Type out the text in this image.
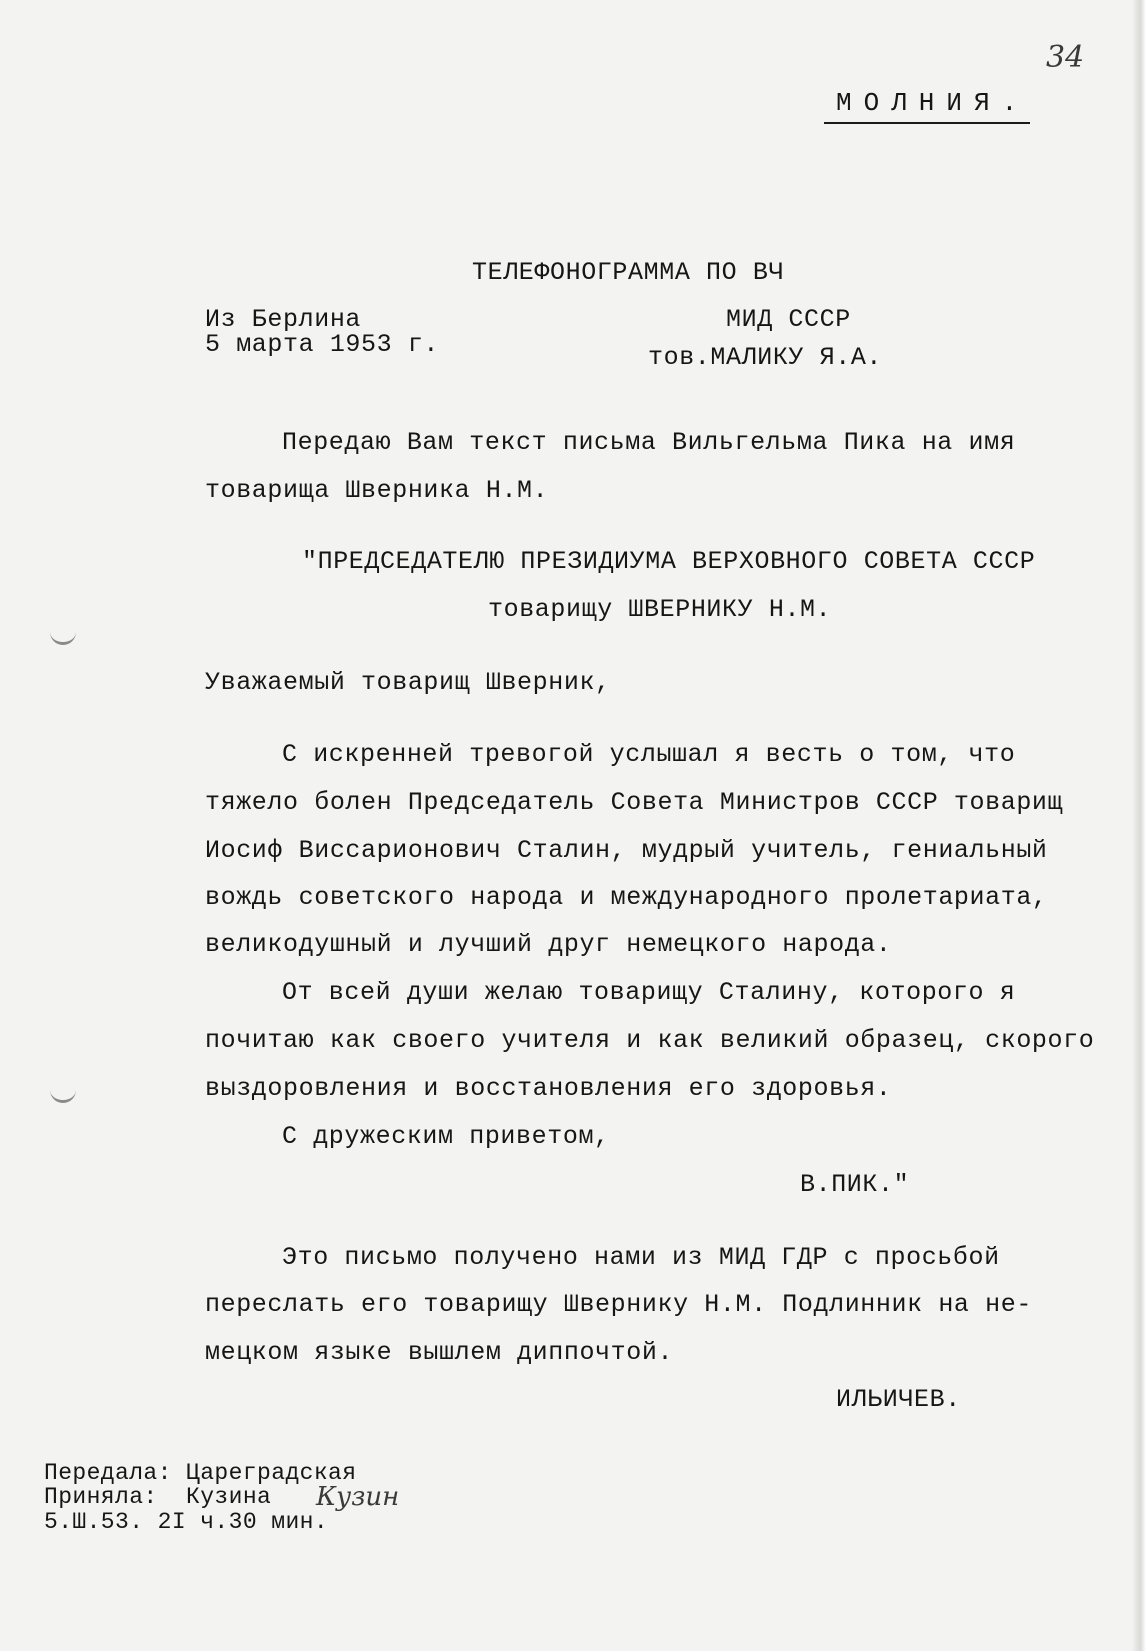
34
МОЛНИЯ.
ТЕЛЕФОНОГРАММА ПО ВЧ
Из Берлина
5 марта 1953 г.
МИД СССР
тов.МАЛИКУ Я.А.
Передаю Вам текст письма Вильгельма Пика на имя
товарища Шверника Н.М.
"ПРЕДСЕДАТЕЛЮ ПРЕЗИДИУМА ВЕРХОВНОГО СОВЕТА СССР
товарищу ШВЕРНИКУ Н.М.
Уважаемый товарищ Шверник,
С искренней тревогой услышал я весть о том, что
тяжело болен Председатель Совета Министров СССР товарищ
Иосиф Виссарионович Сталин, мудрый учитель, гениальный
вождь советского народа и международного пролетариата,
великодушный и лучший друг немецкого народа.
От всей души желаю товарищу Сталину, которого я
почитаю как своего учителя и как великий образец, скорого
выздоровления и восстановления его здоровья.
С дружеским приветом,
В.ПИК."
Это письмо получено нами из МИД ГДР с просьбой
переслать его товарищу Швернику Н.М. Подлинник на не-
мецком языке вышлем диппочтой.
ИЛЬИЧЕВ.
Передала: Цареградская
Приняла:  Кузина Кузин
5.Ш.53. 2I ч.30 мин.
